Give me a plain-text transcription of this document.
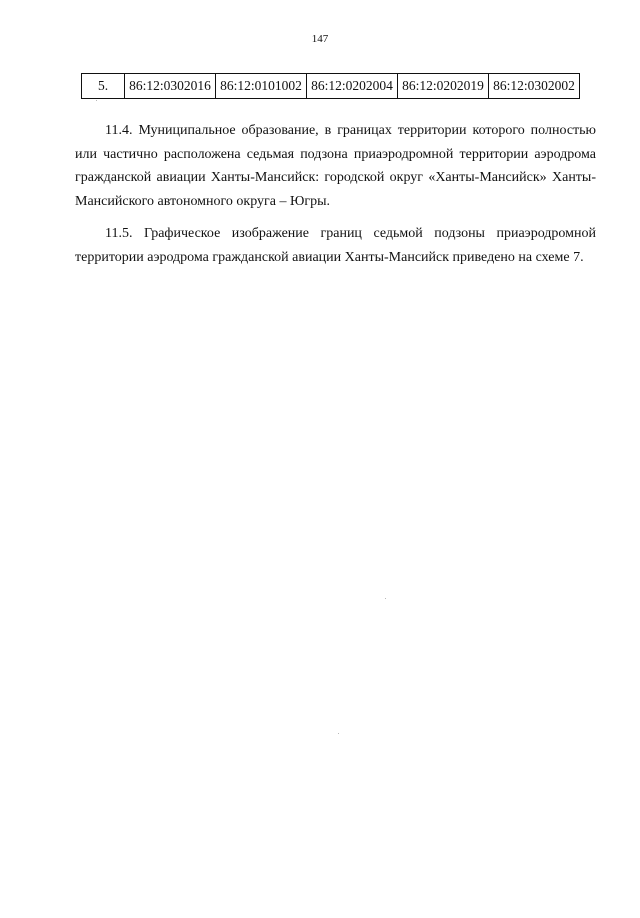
147
5.	86:12:0302016	86:12:0101002	86:12:0202004	86:12:0202019	86:12:0302002

11.4. Муниципальное образование, в границах территории которого полностью или частично расположена седьмая подзона приаэродромной территории аэродрома гражданской авиации Ханты-Мансийск: городской округ «Ханты-Мансийск» Ханты-Мансийского автономного округа – Югры.

11.5. Графическое изображение границ седьмой подзоны приаэродромной территории аэродрома гражданской авиации Ханты-Мансийск приведено на схеме 7.
